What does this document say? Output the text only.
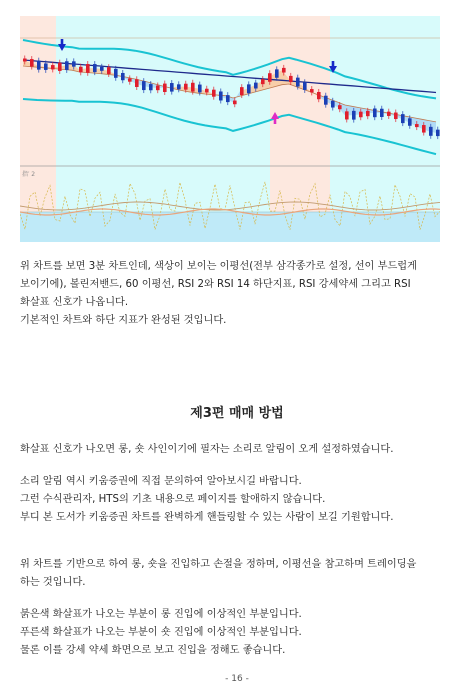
指′ 2
위 차트를 보면 3분 차트인데, 색상이 보이는 이평선(전부 삼각종가로 설정, 선이 부드럽게
보이기에), 볼린저밴드, 60 이평선, RSI 2와 RSI 14 하단지표, RSI 강세약세 그리고 RSI
화살표 신호가 나옵니다.
기본적인 차트와 하단 지표가 완성된 것입니다.
제3편 매매 방법
화살표 신호가 나오면 롱, 숏 사인이기에 필자는 소리로 알림이 오게 설정하였습니다.
소리 알림 역시 키움증권에 직접 문의하여 알아보시길 바랍니다.
그런 수식관리자, HTS의 기초 내용으로 페이지를 할애하지 않습니다.
부디 본 도서가 키움증권 차트를 완벽하게 핸들링할 수 있는 사람이 보길 기원합니다.
위 차트를 기반으로 하여 롱, 숏을 진입하고 손절을 정하며, 이평선을 참고하며 트레이딩을
하는 것입니다.
붉은색 화살표가 나오는 부분이 롱 진입에 이상적인 부분입니다.
푸른색 화살표가 나오는 부분이 숏 진입에 이상적인 부분입니다.
물론 이를 강세 약세 화면으로 보고 진입을 정해도 좋습니다.
- 16 -
